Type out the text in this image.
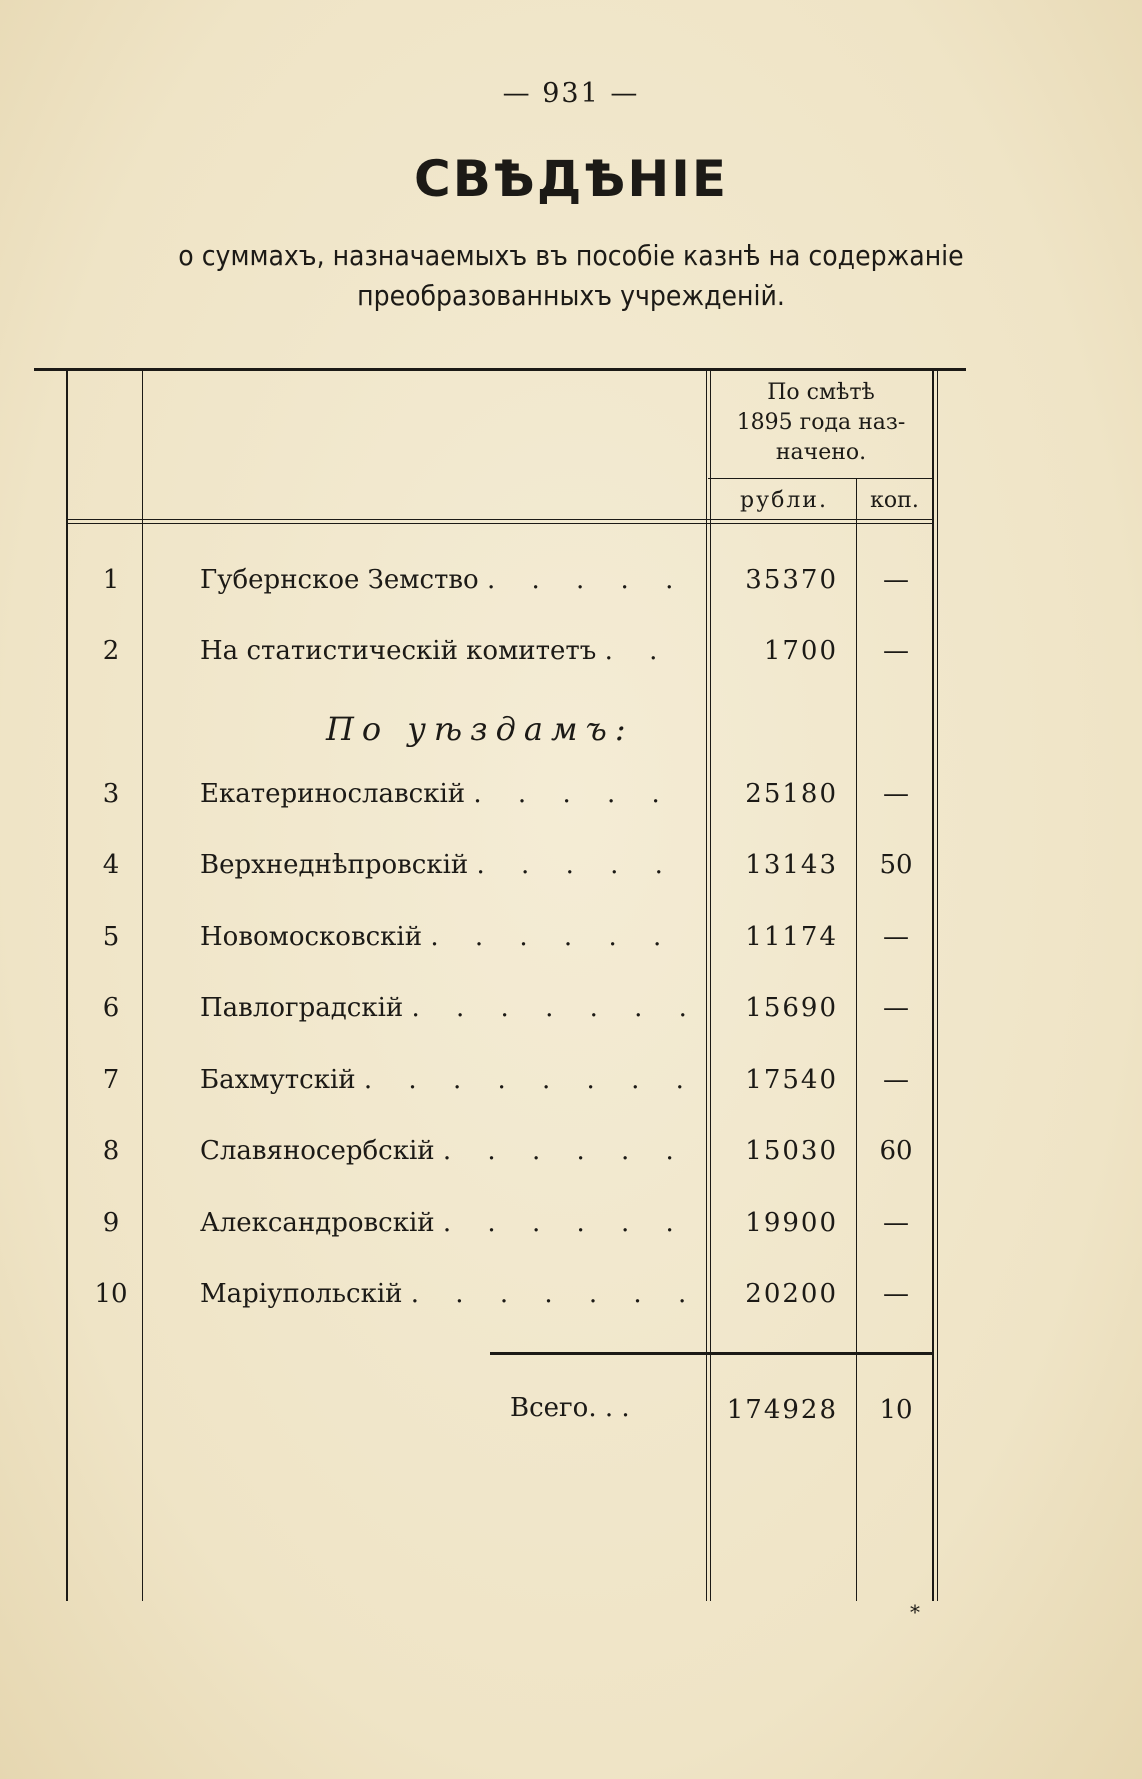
— 931 —
СВѢДѢНІЕ
о суммахъ, назначаемыхъ въ пособіе казнѣ на содержаніе
преобразованныхъ учрежденій.
По смѣтѣ
1895 года наз-
начено.
рубли.	коп.
1	Губернское Земство . . . . .	35370	—
2	На статистическій комитетъ . .	1700	—
По уѣздамъ:
3	Екатеринославскій . . . . .	25180	—
4	Верхнеднѣпровскій . . . . .	13143	50
5	Новомосковскій . . . . . .	11174	—
6	Павлоградскій . . . . . . .	15690	—
7	Бахмутскій . . . . . . . .	17540	—
8	Славяносербскій . . . . . .	15030	60
9	Александровскій . . . . . .	19900	—
10	Маріупольскій . . . . . . .	20200	—
Всего. . .	174928	10
*
